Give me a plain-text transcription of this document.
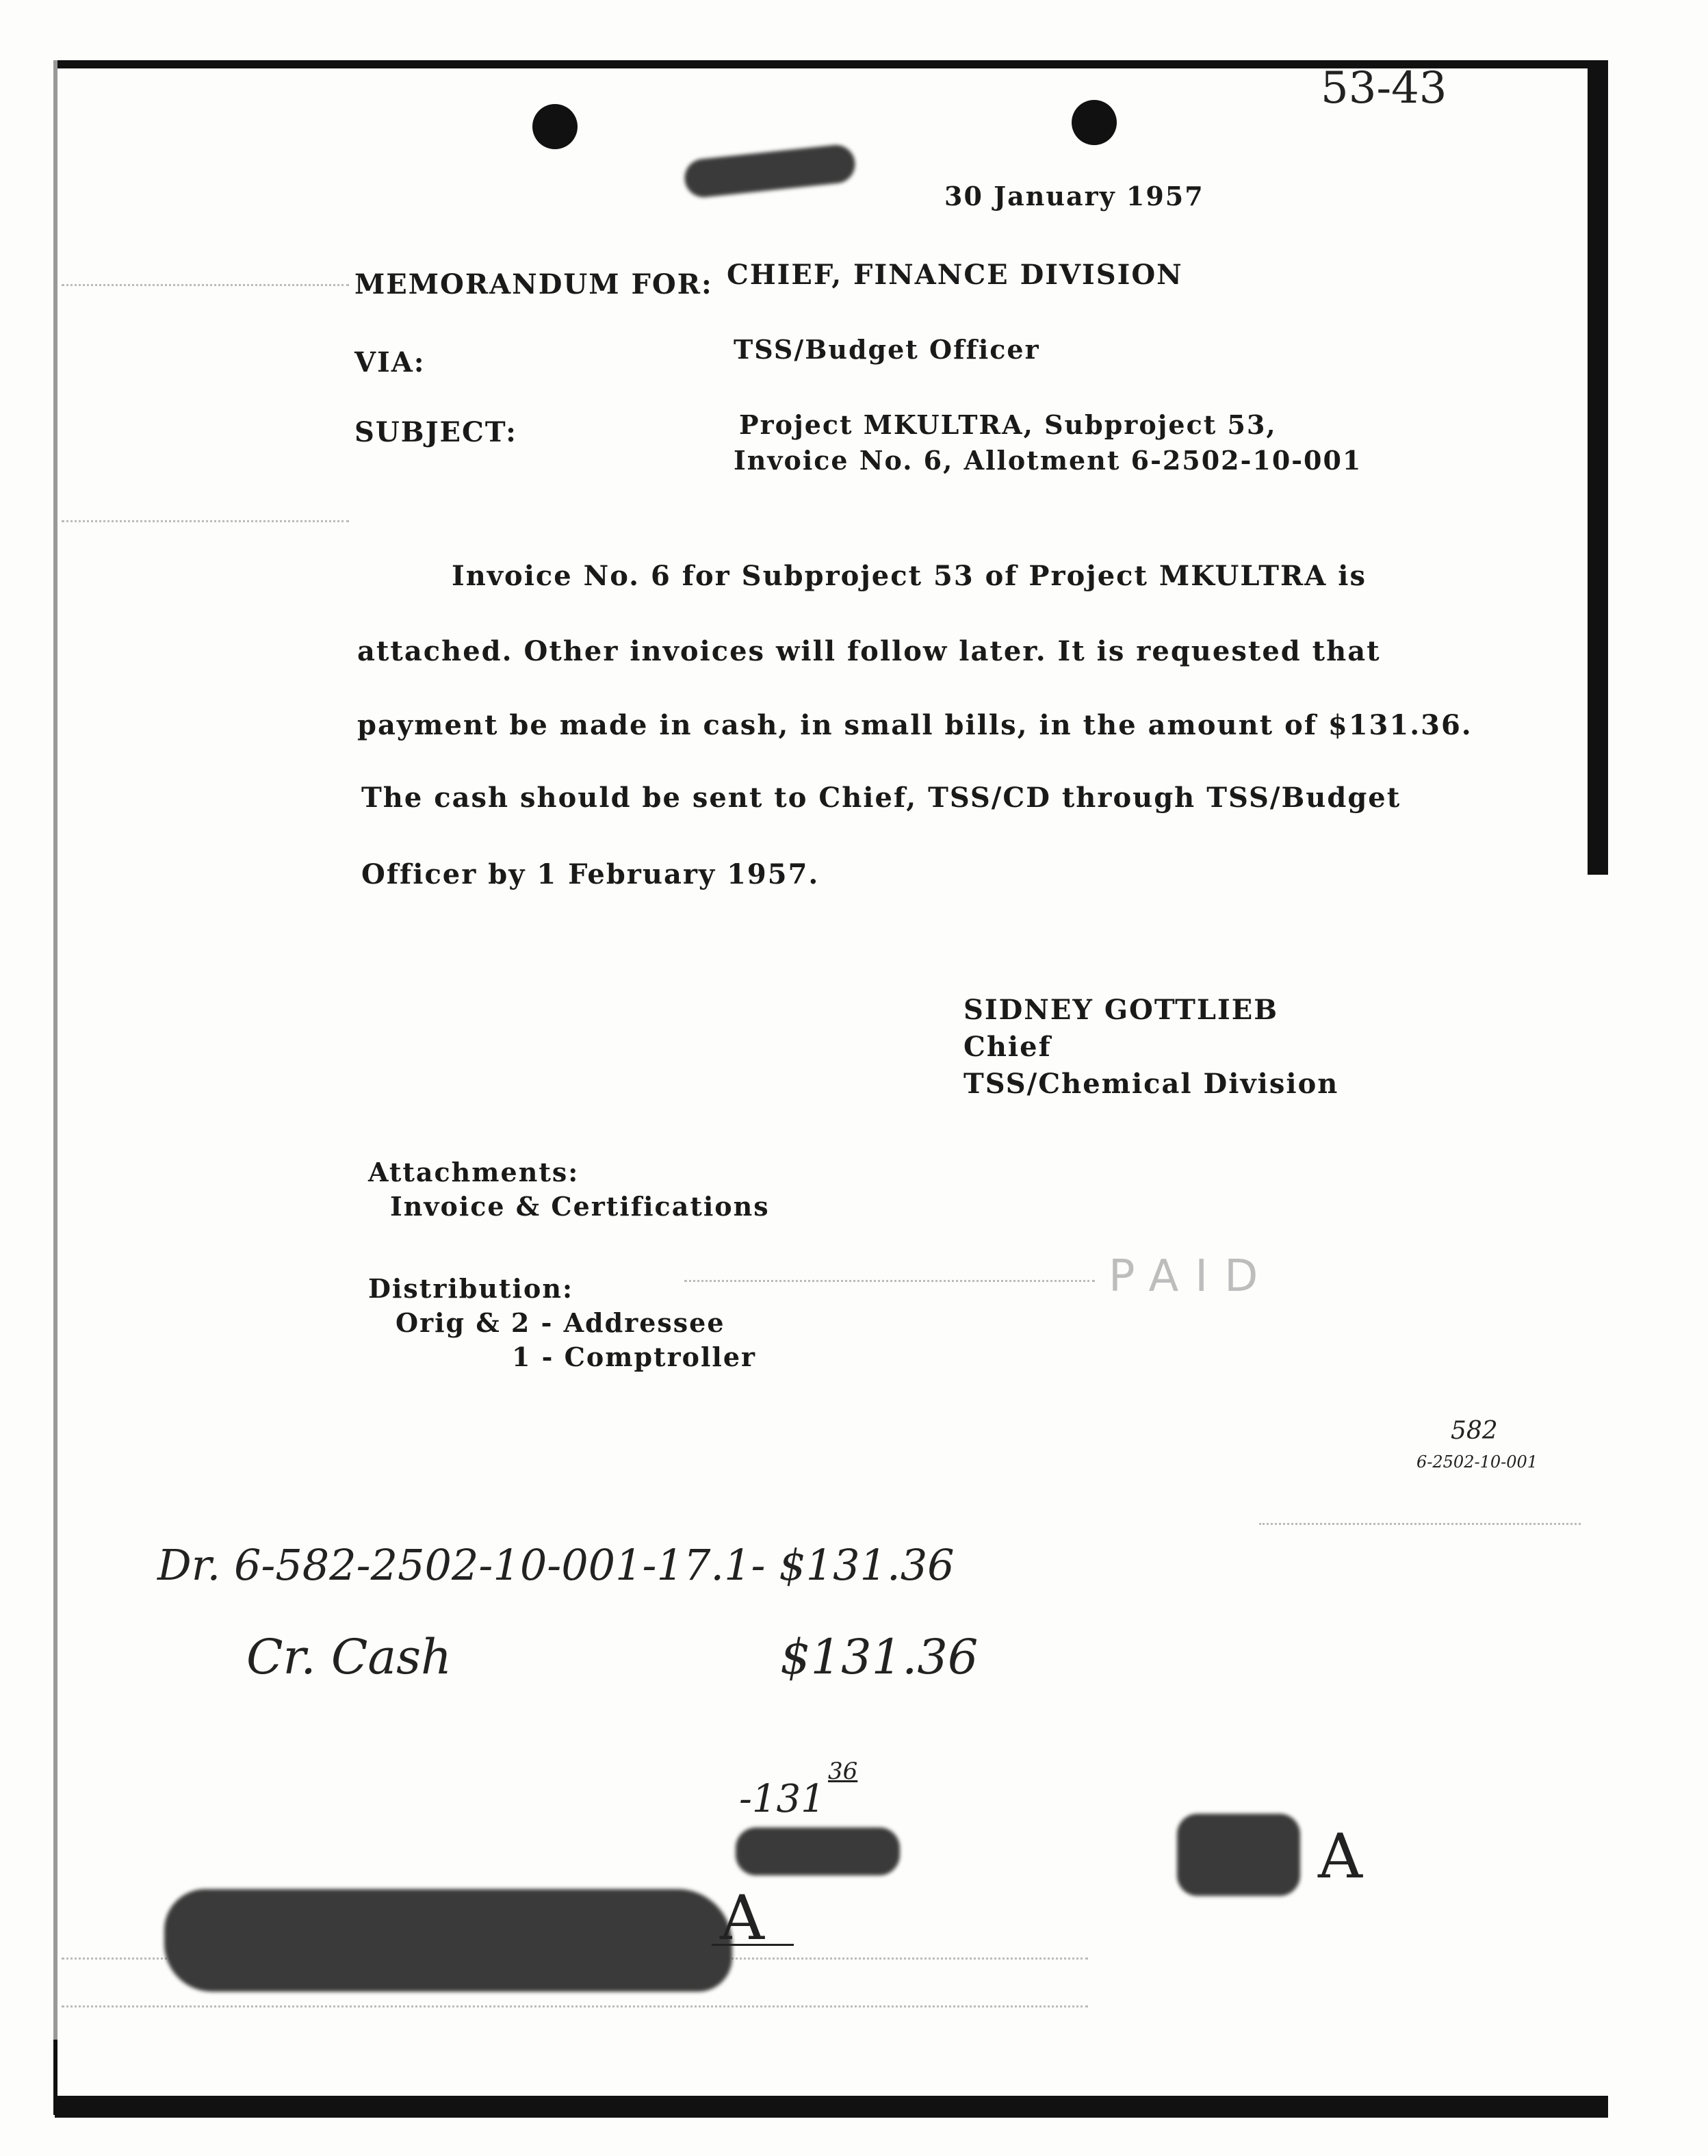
53-43
30 January 1957
MEMORANDUM FOR: CHIEF, FINANCE DIVISION
VIA:	TSS/Budget Officer
SUBJECT:	Project MKULTRA, Subproject 53,
Invoice No. 6, Allotment 6-2502-10-001
Invoice No. 6 for Subproject 53 of Project MKULTRA is
attached. Other invoices will follow later. It is requested that
payment be made in cash, in small bills, in the amount of $131.36.
The cash should be sent to Chief, TSS/CD through TSS/Budget
Officer by 1 February 1957.
SIDNEY GOTTLIEB
Chief
TSS/Chemical Division
Attachments:
Invoice & Certifications
Distribution:
Orig & 2 - Addressee
1 - Comptroller
PAID
582
6-2502-10-001
Dr. 6-582-2502-10-001-17.1- $131.36
Cr. Cash	$131.36
-131
36
A
A
